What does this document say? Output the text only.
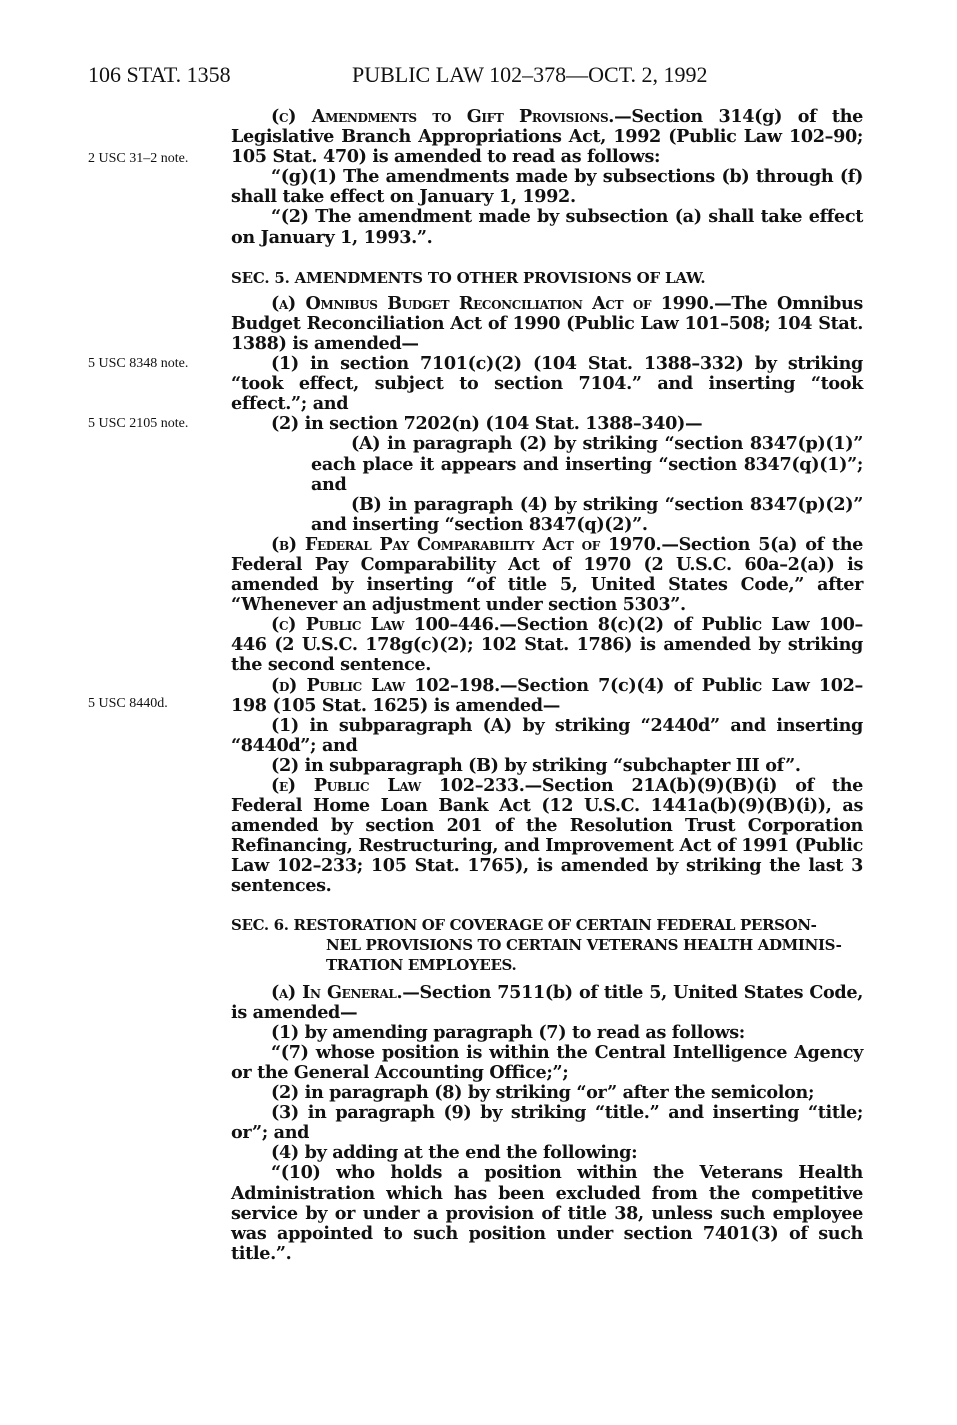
106 STAT. 1358	PUBLIC LAW 102–378—OCT. 2, 1992
2 USC 31–2 note.
5 USC 8348 note.
5 USC 2105 note.
5 USC 8440d.

(c) Amendments to Gift Provisions.—Section 314(g) of the Legislative Branch Appropriations Act, 1992 (Public Law 102–90; 105 Stat. 470) is amended to read as follows:

“(g)(1) The amendments made by subsections (b) through (f) shall take effect on January 1, 1992.

“(2) The amendment made by subsection (a) shall take effect on January 1, 1993.”.

SEC. 5. AMENDMENTS TO OTHER PROVISIONS OF LAW.

(a) Omnibus Budget Reconciliation Act of 1990.—The Omnibus Budget Reconciliation Act of 1990 (Public Law 101–508; 104 Stat. 1388) is amended—

(1) in section 7101(c)(2) (104 Stat. 1388–332) by striking “took effect, subject to section 7104.” and inserting “took effect.”; and

(2) in section 7202(n) (104 Stat. 1388–340)—

(A) in paragraph (2) by striking “section 8347(p)(1)” each place it appears and inserting “section 8347(q)(1)”; and

(B) in paragraph (4) by striking “section 8347(p)(2)” and inserting “section 8347(q)(2)”.

(b) Federal Pay Comparability Act of 1970.—Section 5(a) of the Federal Pay Comparability Act of 1970 (2 U.S.C. 60a–2(a)) is amended by inserting “of title 5, United States Code,” after “Whenever an adjustment under section 5303”.

(c) Public Law 100–446.—Section 8(c)(2) of Public Law 100–446 (2 U.S.C. 178g(c)(2); 102 Stat. 1786) is amended by striking the second sentence.

(d) Public Law 102–198.—Section 7(c)(4) of Public Law 102–198 (105 Stat. 1625) is amended—

(1) in subparagraph (A) by striking “2440d” and inserting “8440d”; and

(2) in subparagraph (B) by striking “subchapter III of”.

(e) Public Law 102–233.—Section 21A(b)(9)(B)(i) of the Federal Home Loan Bank Act (12 U.S.C. 1441a(b)(9)(B)(i)), as amended by section 201 of the Resolution Trust Corporation Refinancing, Restructuring, and Improvement Act of 1991 (Public Law 102–233; 105 Stat. 1765), is amended by striking the last 3 sentences.

SEC. 6. RESTORATION OF COVERAGE OF CERTAIN FEDERAL PERSON-
NEL PROVISIONS TO CERTAIN VETERANS HEALTH ADMINIS-
TRATION EMPLOYEES.

(a) In General.—Section 7511(b) of title 5, United States Code, is amended—

(1) by amending paragraph (7) to read as follows:

“(7) whose position is within the Central Intelligence Agency or the General Accounting Office;”;

(2) in paragraph (8) by striking “or” after the semicolon;

(3) in paragraph (9) by striking “title.” and inserting “title; or”; and

(4) by adding at the end the following:

“(10) who holds a position within the Veterans Health Administration which has been excluded from the competitive service by or under a provision of title 38, unless such employee was appointed to such position under section 7401(3) of such title.”.
